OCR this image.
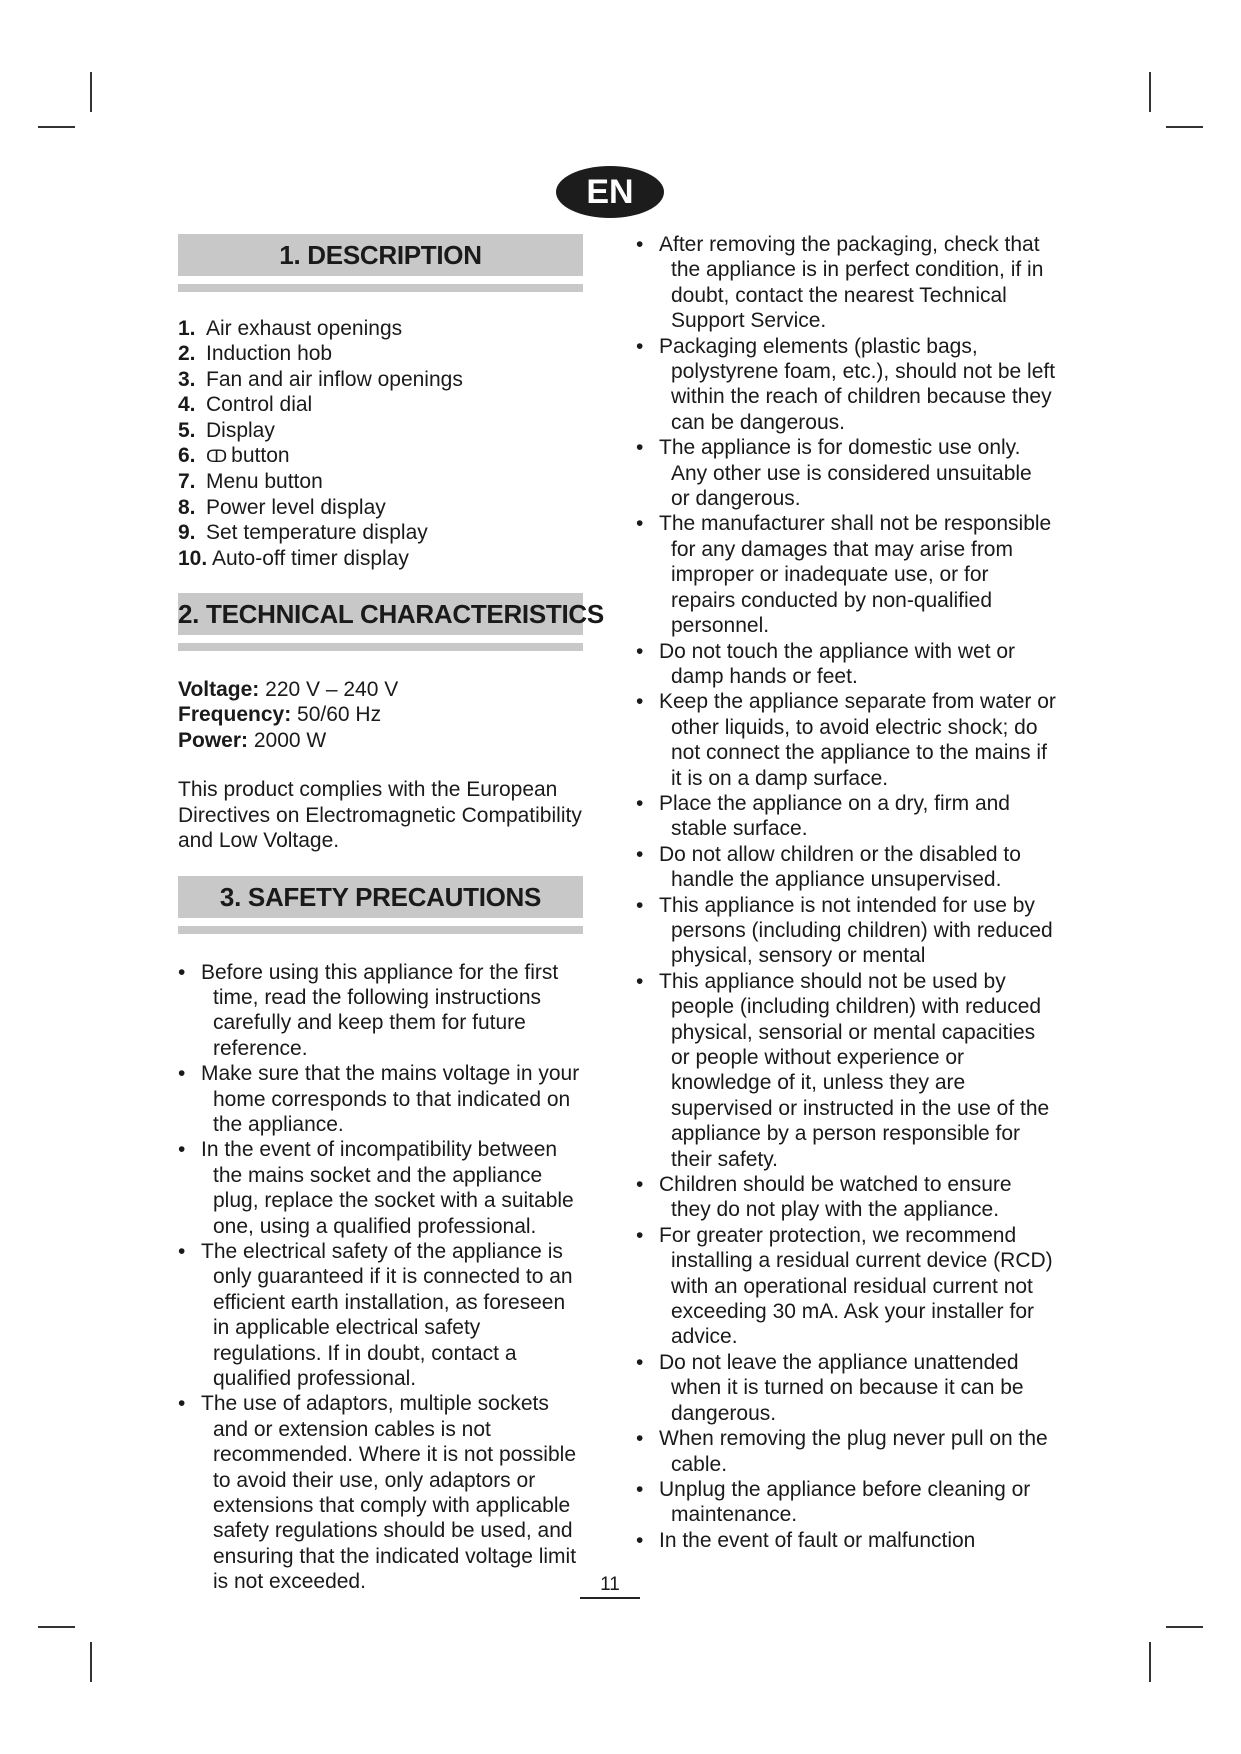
EN
1. DESCRIPTION
1. Air exhaust openings
2. Induction hob
3. Fan and air inflow openings
4. Control dial
5. Display
6. ↀ button
7. Menu button
8. Power level display
9. Set temperature display
10. Auto-off timer display
2. TECHNICAL CHARACTERISTICS
Voltage: 220 V – 240 V
Frequency: 50/60 Hz
Power: 2000 W
This product complies with the European Directives on Electromagnetic Compatibility and Low Voltage.
3. SAFETY PRECAUTIONS
• Before using this appliance for the first time, read the following instructions carefully and keep them for future reference.
• Make sure that the mains voltage in your home corresponds to that indicated on the appliance.
• In the event of incompatibility between the mains socket and the appliance plug, replace the socket with a suitable one, using a qualified professional.
• The electrical safety of the appliance is only guaranteed if it is connected to an efficient earth installation, as foreseen in applicable electrical safety regulations. If in doubt, contact a qualified professional.
• The use of adaptors, multiple sockets and or extension cables is not recommended. Where it is not possible to avoid their use, only adaptors or extensions that comply with applicable safety regulations should be used, and ensuring that the indicated voltage limit is not exceeded.
• After removing the packaging, check that the appliance is in perfect condition, if in doubt, contact the nearest Technical Support Service.
• Packaging elements (plastic bags, polystyrene foam, etc.), should not be left within the reach of children because they can be dangerous.
• The appliance is for domestic use only. Any other use is considered unsuitable or dangerous.
• The manufacturer shall not be responsible for any damages that may arise from improper or inadequate use, or for repairs conducted by non-qualified personnel.
• Do not touch the appliance with wet or damp hands or feet.
• Keep the appliance separate from water or other liquids, to avoid electric shock; do not connect the appliance to the mains if it is on a damp surface.
• Place the appliance on a dry, firm and stable surface.
• Do not allow children or the disabled to handle the appliance unsupervised.
• This appliance is not intended for use by persons (including children) with reduced physical, sensory or mental
• This appliance should not be used by people (including children) with reduced physical, sensorial or mental capacities or people without experience or knowledge of it, unless they are supervised or instructed in the use of the appliance by a person responsible for their safety.
• Children should be watched to ensure they do not play with the appliance.
• For greater protection, we recommend installing a residual current device (RCD) with an operational residual current not exceeding 30 mA. Ask your installer for advice.
• Do not leave the appliance unattended when it is turned on because it can be dangerous.
• When removing the plug never pull on the cable.
• Unplug the appliance before cleaning or maintenance.
• In the event of fault or malfunction
11
